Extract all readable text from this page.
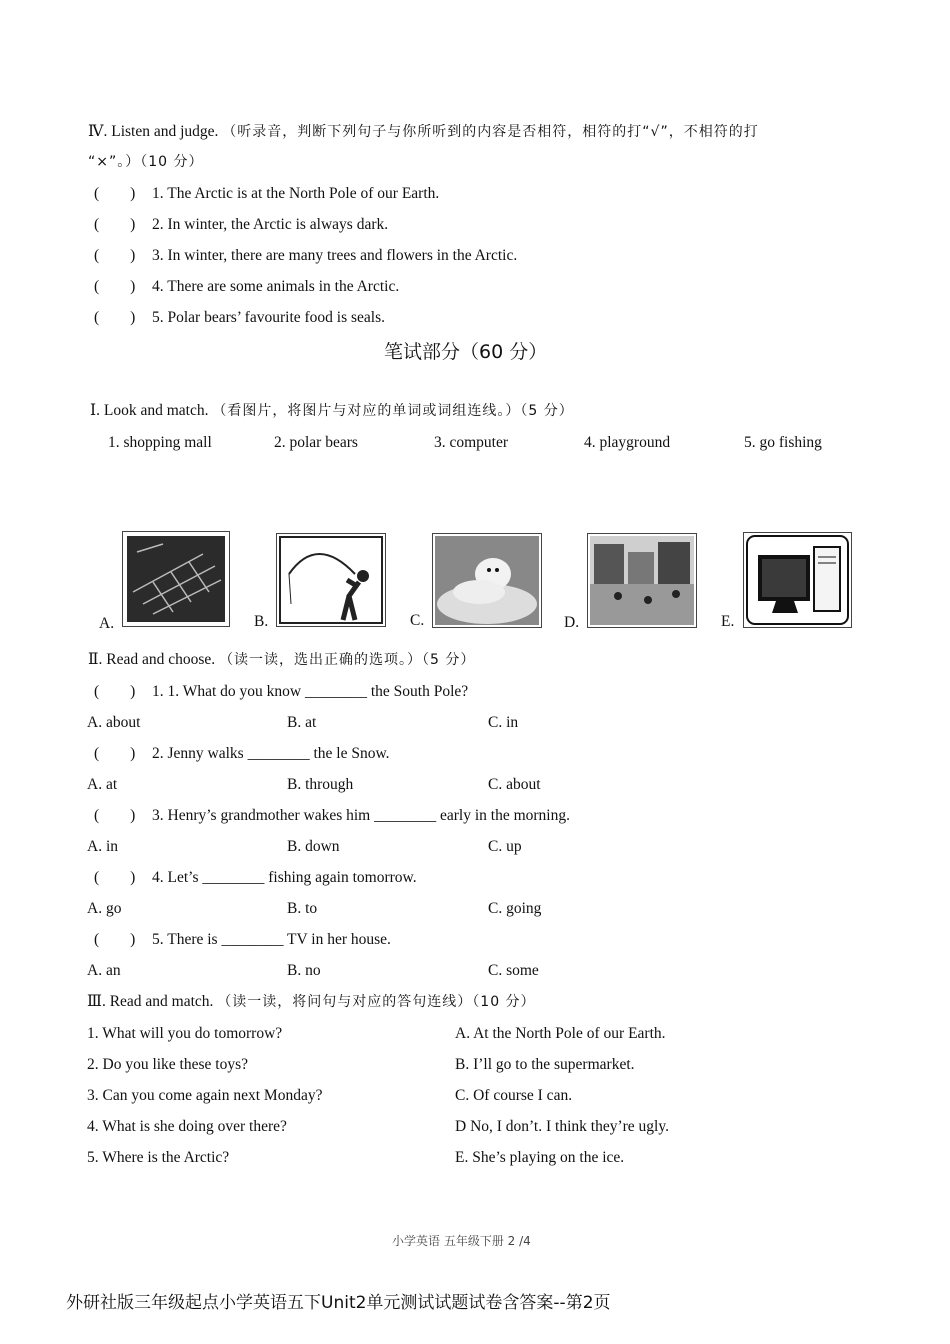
Ⅳ. Listen and judge. （听录音，判断下列句子与你所听到的内容是否相符，相符的打“√”，不相符的打
“×”。）（10 分）
(　　) 1. The Arctic is at the North Pole of our Earth.
(　　) 2. In winter, the Arctic is always dark.
(　　) 3. In winter, there are many trees and flowers in the Arctic.
(　　) 4. There are some animals in the Arctic.
(　　) 5. Polar bears’ favourite food is seals.
笔试部分（60 分）
Ⅰ. Look and match. （看图片，将图片与对应的单词或词组连线。）（5 分）
1. shopping mall	2. polar bears	3. computer	4. playground	5. go fishing
A.	B.	C.	D.	E.
Ⅱ. Read and choose. （读一读，选出正确的选项。）（5 分）
(　　) 1. 1. What do you know ________ the South Pole?
A. about	B. at	C. in
(　　) 2. Jenny walks ________ the le Snow.
A. at	B. through	C. about
(　　) 3. Henry’s grandmother wakes him ________ early in the morning.
A. in	B. down	C. up
(　　) 4. Let’s ________ fishing again tomorrow.
A. go	B. to	C. going
(　　) 5. There is ________ TV in her house.
A. an	B. no	C. some
Ⅲ. Read and match. （读一读，将问句与对应的答句连线）（10 分）
1. What will you do tomorrow?	A. At the North Pole of our Earth.
2. Do you like these toys?	B. I’ll go to the supermarket.
3. Can you come again next Monday?	C. Of course I can.
4. What is she doing over there?	D No, I don’t. I think they’re ugly.
5. Where is the Arctic?	E. She’s playing on the ice.
小学英语 五年级下册 2 /4
外研社版三年级起点小学英语五下Unit2单元测试试题试卷含答案--第2页
